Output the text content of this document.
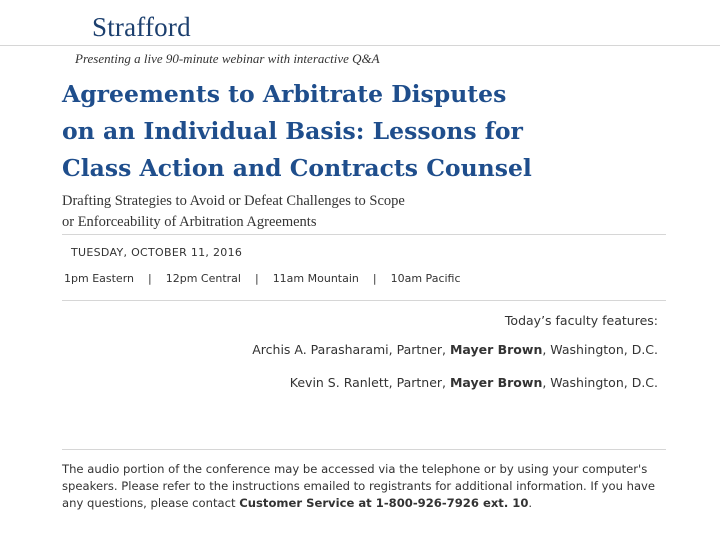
Strafford
Presenting a live 90-minute webinar with interactive Q&A
Agreements to Arbitrate Disputes
on an Individual Basis: Lessons for
Class Action and Contracts Counsel
Drafting Strategies to Avoid or Defeat Challenges to Scope
or Enforceability of Arbitration Agreements
TUESDAY, OCTOBER 11, 2016
1pm Eastern | 12pm Central | 11am Mountain | 10am Pacific
Today’s faculty features:
Archis A. Parasharami, Partner, Mayer Brown, Washington, D.C.
Kevin S. Ranlett, Partner, Mayer Brown, Washington, D.C.
The audio portion of the conference may be accessed via the telephone or by using your computer's speakers. Please refer to the instructions emailed to registrants for additional information. If you have any questions, please contact Customer Service at 1-800-926-7926 ext. 10.
